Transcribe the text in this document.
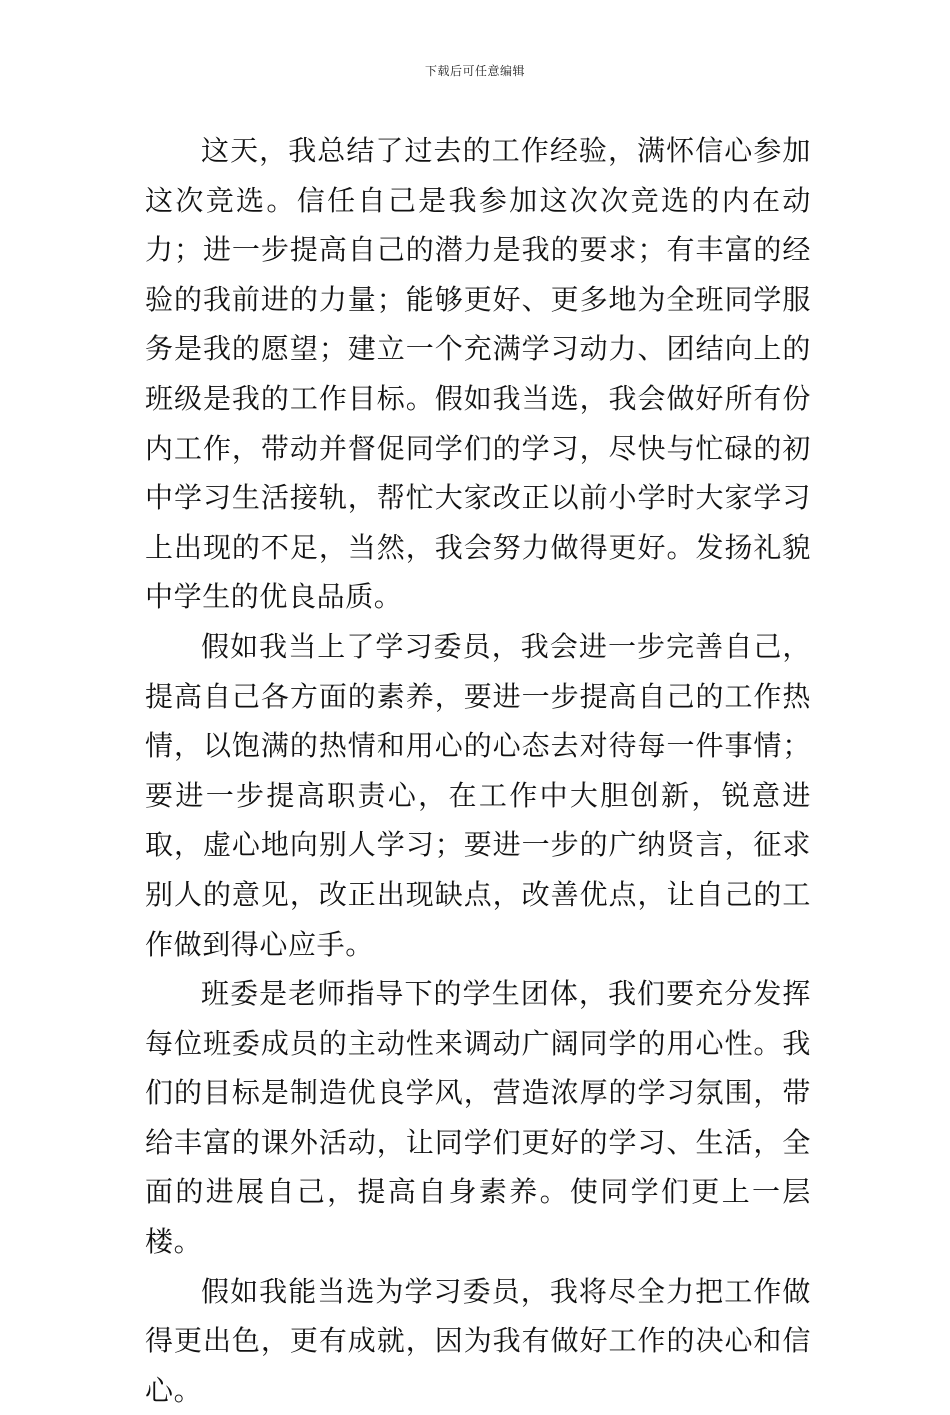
下载后可任意编辑

这天，我总结了过去的工作经验，满怀信心参加这次竞选。信任自己是我参加这次次竞选的内在动力；进一步提高自己的潜力是我的要求；有丰富的经验的我前进的力量；能够更好、更多地为全班同学服务是我的愿望；建立一个充满学习动力、团结向上的班级是我的工作目标。假如我当选，我会做好所有份内工作，带动并督促同学们的学习，尽快与忙碌的初中学习生活接轨，帮忙大家改正以前小学时大家学习上出现的不足，当然，我会努力做得更好。发扬礼貌中学生的优良品质。

假如我当上了学习委员，我会进一步完善自己，提高自己各方面的素养，要进一步提高自己的工作热情，以饱满的热情和用心的心态去对待每一件事情；要进一步提高职责心，在工作中大胆创新，锐意进取，虚心地向别人学习；要进一步的广纳贤言，征求别人的意见，改正出现缺点，改善优点，让自己的工作做到得心应手。

班委是老师指导下的学生团体，我们要充分发挥每位班委成员的主动性来调动广阔同学的用心性。我们的目标是制造优良学风，营造浓厚的学习氛围，带给丰富的课外活动，让同学们更好的学习、生活，全面的进展自己，提高自身素养。使同学们更上一层楼。

假如我能当选为学习委员，我将尽全力把工作做得更出色，更有成就，因为我有做好工作的决心和信心。
